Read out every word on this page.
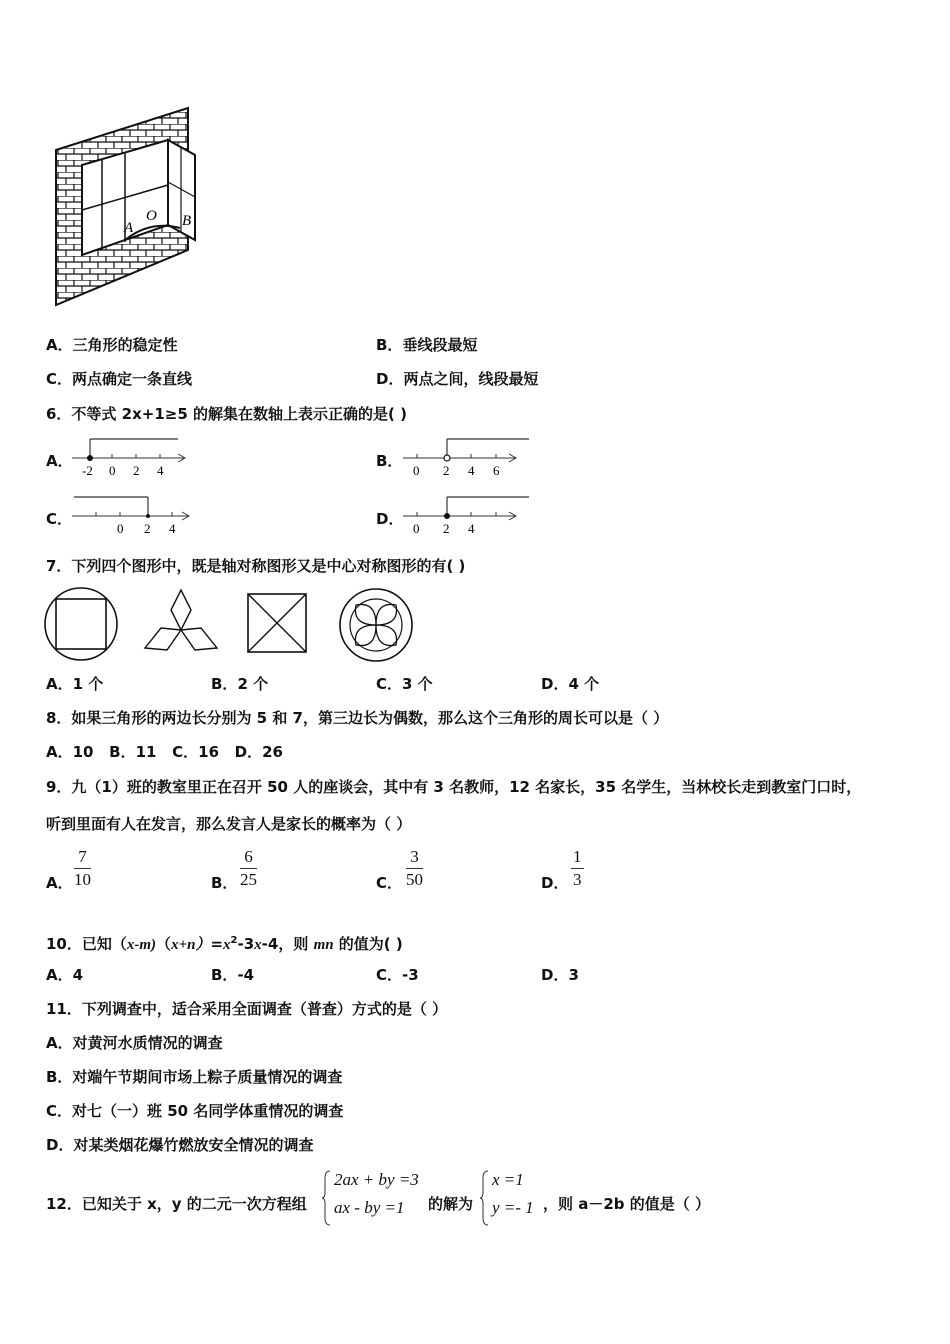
A
O B
A．三角形的稳定性	B．垂线段最短
C．两点确定一条直线	D．两点之间，线段最短
6．不等式 2x+1≥5 的解集在数轴上表示正确的是( )
A．
-2 0 2 4
B．
0 2 4 6
C．
0 2 4
D．
0 2 4
7．下列四个图形中，既是轴对称图形又是中心对称图形的有( )
A．1 个	B．2 个	C．3 个	D．4 个
8．如果三角形的两边长分别为 5 和 7，第三边长为偶数，那么这个三角形的周长可以是（ ）
A．10   B．11   C．16   D．26
9．九（1）班的教室里正在召开 50 人的座谈会，其中有 3 名教师，12 名家长，35 名学生，当林校长走到教室门口时，
听到里面有人在发言，那么发言人是家长的概率为（ ）
A． $\frac{7}{10}$	B． $\frac{6}{25}$	C． $\frac{3}{50}$	D． $\frac{1}{3}$
10．已知$(x-m)(x+n)=x^2-3x-4$，则 mn 的值为( )
A．4	B．-4	C．-3	D．3
11．下列调查中，适合采用全面调查（普查）方式的是（ ）
A．对黄河水质情况的调查
B．对端午节期间市场上粽子质量情况的调查
C．对七（一）班 50 名同学体重情况的调查
D．对某类烟花爆竹燃放安全情况的调查
12．已知关于 x，y 的二元一次方程组
2ax + by =3
ax - by =1	的解为
x =1
y =- 1 ，则 a－2b 的值是（ ）
